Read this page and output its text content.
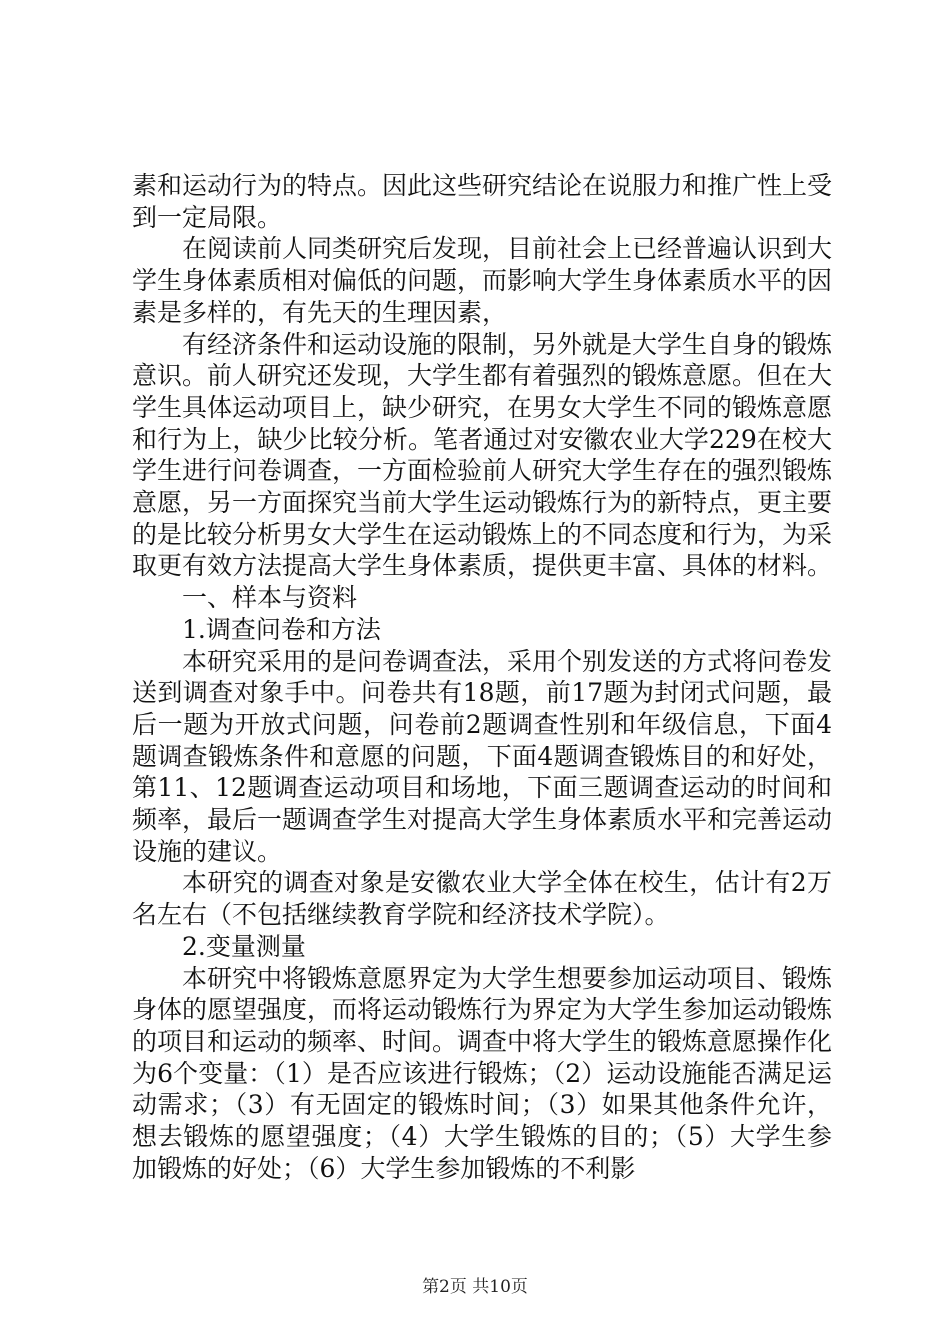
素和运动行为的特点。因此这些研究结论在说服力和推广性上受到一定局限。

在阅读前人同类研究后发现，目前社会上已经普遍认识到大学生身体素质相对偏低的问题，而影响大学生身体素质水平的因素是多样的，有先天的生理因素，

有经济条件和运动设施的限制，另外就是大学生自身的锻炼意识。前人研究还发现，大学生都有着强烈的锻炼意愿。但在大学生具体运动项目上，缺少研究，在男女大学生不同的锻炼意愿和行为上，缺少比较分析。笔者通过对安徽农业大学229在校大学生进行问卷调查，一方面检验前人研究大学生存在的强烈锻炼意愿，另一方面探究当前大学生运动锻炼行为的新特点，更主要的是比较分析男女大学生在运动锻炼上的不同态度和行为，为采取更有效方法提高大学生身体素质，提供更丰富、具体的材料。

一、样本与资料

1.调查问卷和方法

本研究采用的是问卷调查法，采用个别发送的方式将问卷发送到调查对象手中。问卷共有18题，前17题为封闭式问题，最后一题为开放式问题，问卷前2题调查性别和年级信息，下面4题调查锻炼条件和意愿的问题，下面4题调查锻炼目的和好处，第11、12题调查运动项目和场地，下面三题调查运动的时间和频率，最后一题调查学生对提高大学生身体素质水平和完善运动设施的建议。

本研究的调查对象是安徽农业大学全体在校生，估计有2万名左右（不包括继续教育学院和经济技术学院）。

2.变量测量

本研究中将锻炼意愿界定为大学生想要参加运动项目、锻炼身体的愿望强度，而将运动锻炼行为界定为大学生参加运动锻炼的项目和运动的频率、时间。调查中将大学生的锻炼意愿操作化为6个变量：（1）是否应该进行锻炼；（2）运动设施能否满足运动需求；（3）有无固定的锻炼时间；（3）如果其他条件允许，想去锻炼的愿望强度；（4）大学生锻炼的目的；（5）大学生参加锻炼的好处；（6）大学生参加锻炼的不利影

第2页 共10页
